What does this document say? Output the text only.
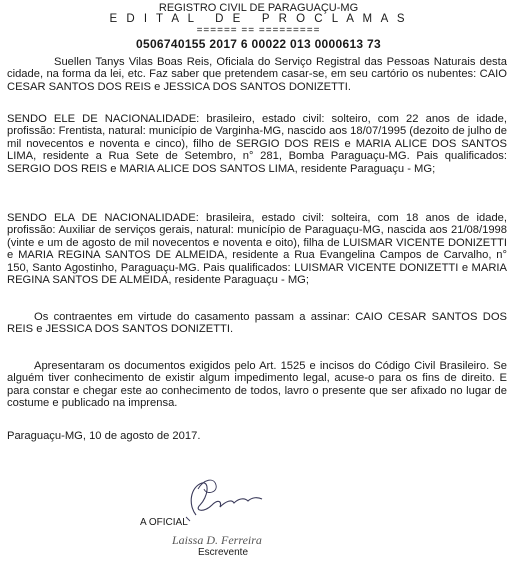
REGISTRO CIVIL DE PARAGUAÇU-MG
E D I T A L   D E   P R O C L A M A S
====== == =========
0506740155 2017 6 00022 013 0000613 73

Suellen Tanys Vilas Boas Reis, Oficiala do Serviço Registral das Pessoas Naturais desta cidade, na forma da lei, etc. Faz saber que pretendem casar-se, em seu cartório os nubentes: CAIO CESAR SANTOS DOS REIS e JESSICA DOS SANTOS DONIZETTI.

SENDO ELE DE NACIONALIDADE: brasileiro, estado civil: solteiro, com 22 anos de idade, profissão: Frentista, natural: município de Varginha-MG, nascido aos 18/07/1995 (dezoito de julho de mil novecentos e noventa e cinco), filho de SERGIO DOS REIS e MARIA ALICE DOS SANTOS LIMA, residente a Rua Sete de Setembro, n° 281, Bomba Paraguaçu-MG. Pais qualificados: SERGIO DOS REIS e MARIA ALICE DOS SANTOS LIMA, residente Paraguaçu - MG;

SENDO ELA DE NACIONALIDADE: brasileira, estado civil: solteira, com 18 anos de idade, profissão: Auxiliar de serviços gerais, natural: município de Paraguaçu-MG, nascida aos 21/08/1998 (vinte e um de agosto de mil novecentos e noventa e oito), filha de LUISMAR VICENTE DONIZETTI e MARIA REGINA SANTOS DE ALMEIDA, residente a Rua Evangelina Campos de Carvalho, n° 150, Santo Agostinho, Paraguaçu-MG. Pais qualificados: LUISMAR VICENTE DONIZETTI e MARIA REGINA SANTOS DE ALMEIDA, residente Paraguaçu - MG;

Os contraentes em virtude do casamento passam a assinar: CAIO CESAR SANTOS DOS REIS e JESSICA DOS SANTOS DONIZETTI.

Apresentaram os documentos exigidos pelo Art. 1525 e incisos do Código Civil Brasileiro. Se alguém tiver conhecimento de existir algum impedimento legal, acuse-o para os fins de direito. E para constar e chegar este ao conhecimento de todos, lavro o presente que ser afixado no lugar de costume e publicado na imprensa.

Paraguaçu-MG, 10 de agosto de 2017.
A OFICIAL
Laissa D. Ferreira
Escrevente
